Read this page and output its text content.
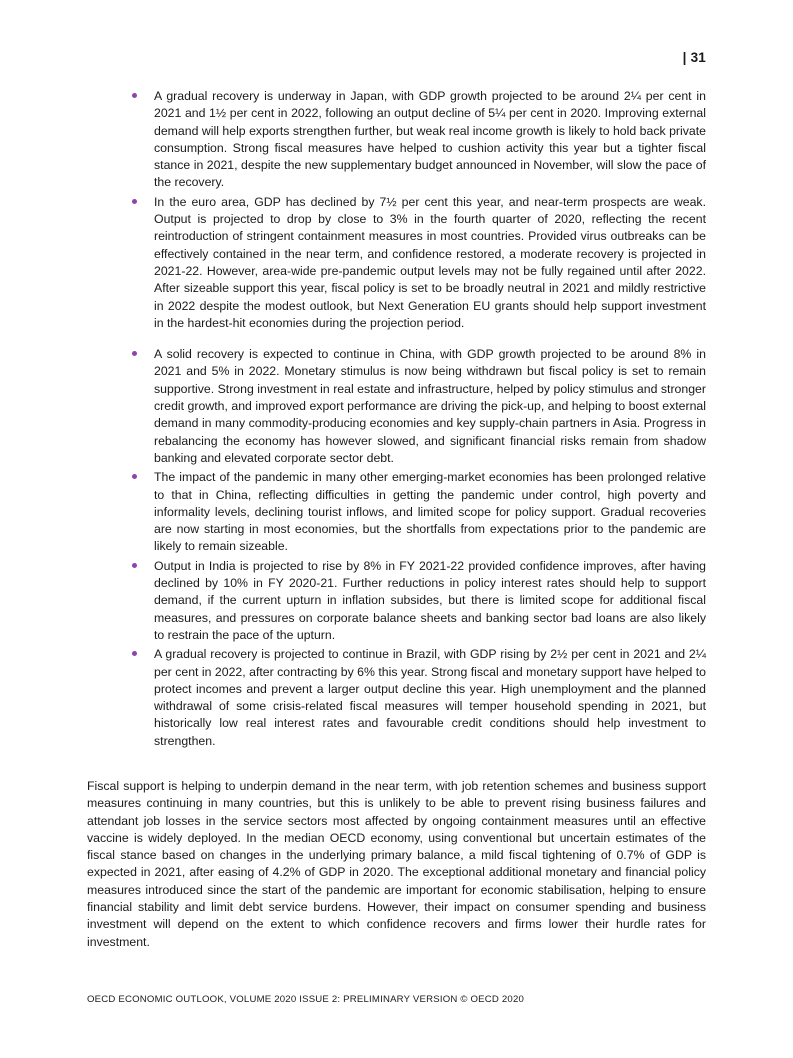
| 31
A gradual recovery is underway in Japan, with GDP growth projected to be around 2¼ per cent in 2021 and 1½ per cent in 2022, following an output decline of 5¼ per cent in 2020. Improving external demand will help exports strengthen further, but weak real income growth is likely to hold back private consumption. Strong fiscal measures have helped to cushion activity this year but a tighter fiscal stance in 2021, despite the new supplementary budget announced in November, will slow the pace of the recovery.
In the euro area, GDP has declined by 7½ per cent this year, and near-term prospects are weak. Output is projected to drop by close to 3% in the fourth quarter of 2020, reflecting the recent reintroduction of stringent containment measures in most countries. Provided virus outbreaks can be effectively contained in the near term, and confidence restored, a moderate recovery is projected in 2021-22. However, area-wide pre-pandemic output levels may not be fully regained until after 2022. After sizeable support this year, fiscal policy is set to be broadly neutral in 2021 and mildly restrictive in 2022 despite the modest outlook, but Next Generation EU grants should help support investment in the hardest-hit economies during the projection period.
A solid recovery is expected to continue in China, with GDP growth projected to be around 8% in 2021 and 5% in 2022. Monetary stimulus is now being withdrawn but fiscal policy is set to remain supportive. Strong investment in real estate and infrastructure, helped by policy stimulus and stronger credit growth, and improved export performance are driving the pick-up, and helping to boost external demand in many commodity-producing economies and key supply-chain partners in Asia. Progress in rebalancing the economy has however slowed, and significant financial risks remain from shadow banking and elevated corporate sector debt.
The impact of the pandemic in many other emerging-market economies has been prolonged relative to that in China, reflecting difficulties in getting the pandemic under control, high poverty and informality levels, declining tourist inflows, and limited scope for policy support. Gradual recoveries are now starting in most economies, but the shortfalls from expectations prior to the pandemic are likely to remain sizeable.
Output in India is projected to rise by 8% in FY 2021-22 provided confidence improves, after having declined by 10% in FY 2020-21. Further reductions in policy interest rates should help to support demand, if the current upturn in inflation subsides, but there is limited scope for additional fiscal measures, and pressures on corporate balance sheets and banking sector bad loans are also likely to restrain the pace of the upturn.
A gradual recovery is projected to continue in Brazil, with GDP rising by 2½ per cent in 2021 and 2¼ per cent in 2022, after contracting by 6% this year. Strong fiscal and monetary support have helped to protect incomes and prevent a larger output decline this year. High unemployment and the planned withdrawal of some crisis-related fiscal measures will temper household spending in 2021, but historically low real interest rates and favourable credit conditions should help investment to strengthen.

Fiscal support is helping to underpin demand in the near term, with job retention schemes and business support measures continuing in many countries, but this is unlikely to be able to prevent rising business failures and attendant job losses in the service sectors most affected by ongoing containment measures until an effective vaccine is widely deployed. In the median OECD economy, using conventional but uncertain estimates of the fiscal stance based on changes in the underlying primary balance, a mild fiscal tightening of 0.7% of GDP is expected in 2021, after easing of 4.2% of GDP in 2020. The exceptional additional monetary and financial policy measures introduced since the start of the pandemic are important for economic stabilisation, helping to ensure financial stability and limit debt service burdens. However, their impact on consumer spending and business investment will depend on the extent to which confidence recovers and firms lower their hurdle rates for investment.

OECD ECONOMIC OUTLOOK, VOLUME 2020 ISSUE 2: PRELIMINARY VERSION © OECD 2020
